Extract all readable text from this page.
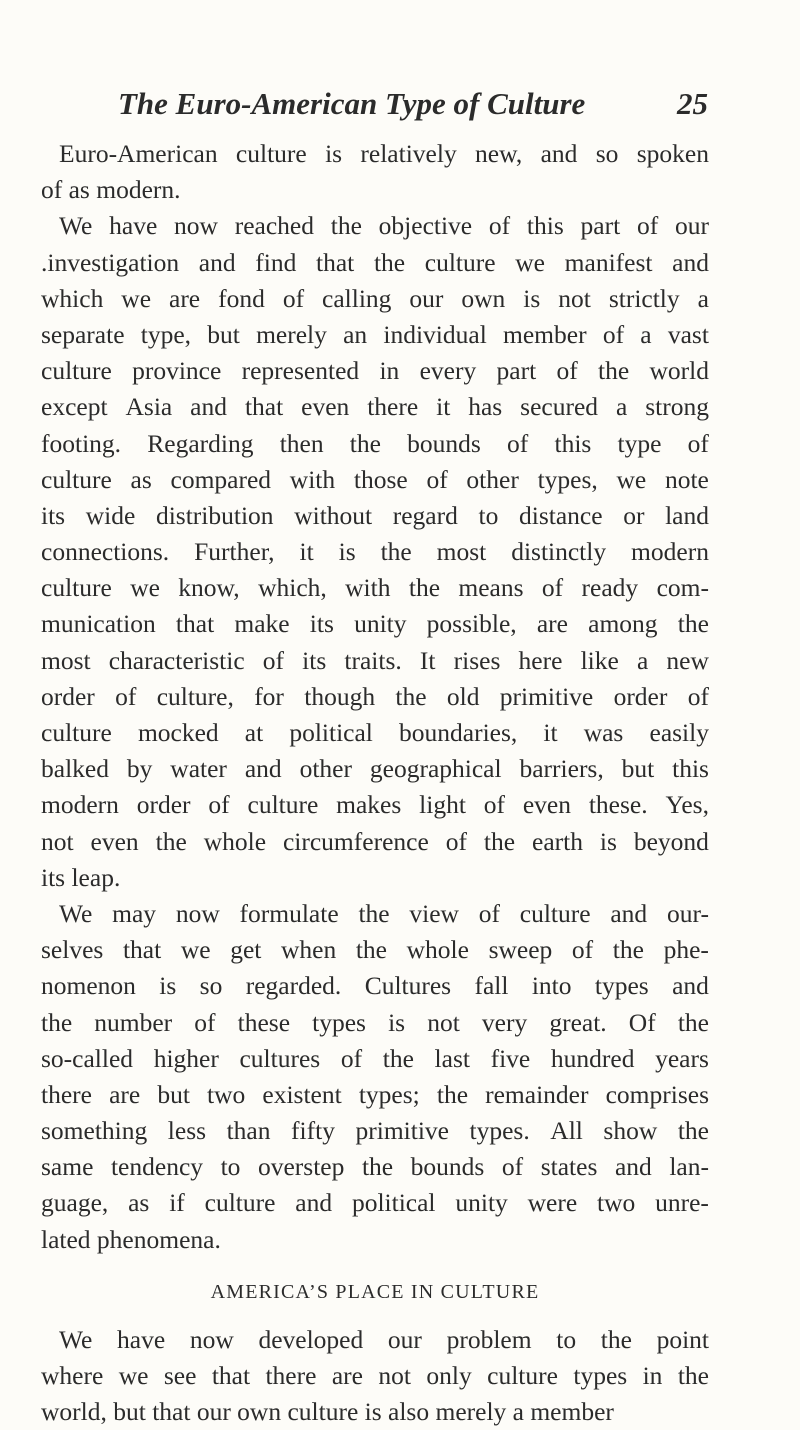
The Euro-American Type of Culture	25
Euro-American culture is relatively new, and so spoken
of as modern.
We have now reached the objective of this part of our
.investigation and find that the culture we manifest and
which we are fond of calling our own is not strictly a
separate type, but merely an individual member of a vast
culture province represented in every part of the world
except Asia and that even there it has secured a strong
footing. Regarding then the bounds of this type of
culture as compared with those of other types, we note
its wide distribution without regard to distance or land
connections. Further, it is the most distinctly modern
culture we know, which, with the means of ready com-
munication that make its unity possible, are among the
most characteristic of its traits. It rises here like a new
order of culture, for though the old primitive order of
culture mocked at political boundaries, it was easily
balked by water and other geographical barriers, but this
modern order of culture makes light of even these. Yes,
not even the whole circumference of the earth is beyond
its leap.
We may now formulate the view of culture and our-
selves that we get when the whole sweep of the phe-
nomenon is so regarded. Cultures fall into types and
the number of these types is not very great. Of the
so-called higher cultures of the last five hundred years
there are but two existent types; the remainder comprises
something less than fifty primitive types. All show the
same tendency to overstep the bounds of states and lan-
guage, as if culture and political unity were two unre-
lated phenomena.
AMERICA’S PLACE IN CULTURE
We have now developed our problem to the point
where we see that there are not only culture types in the
world, but that our own culture is also merely a member
